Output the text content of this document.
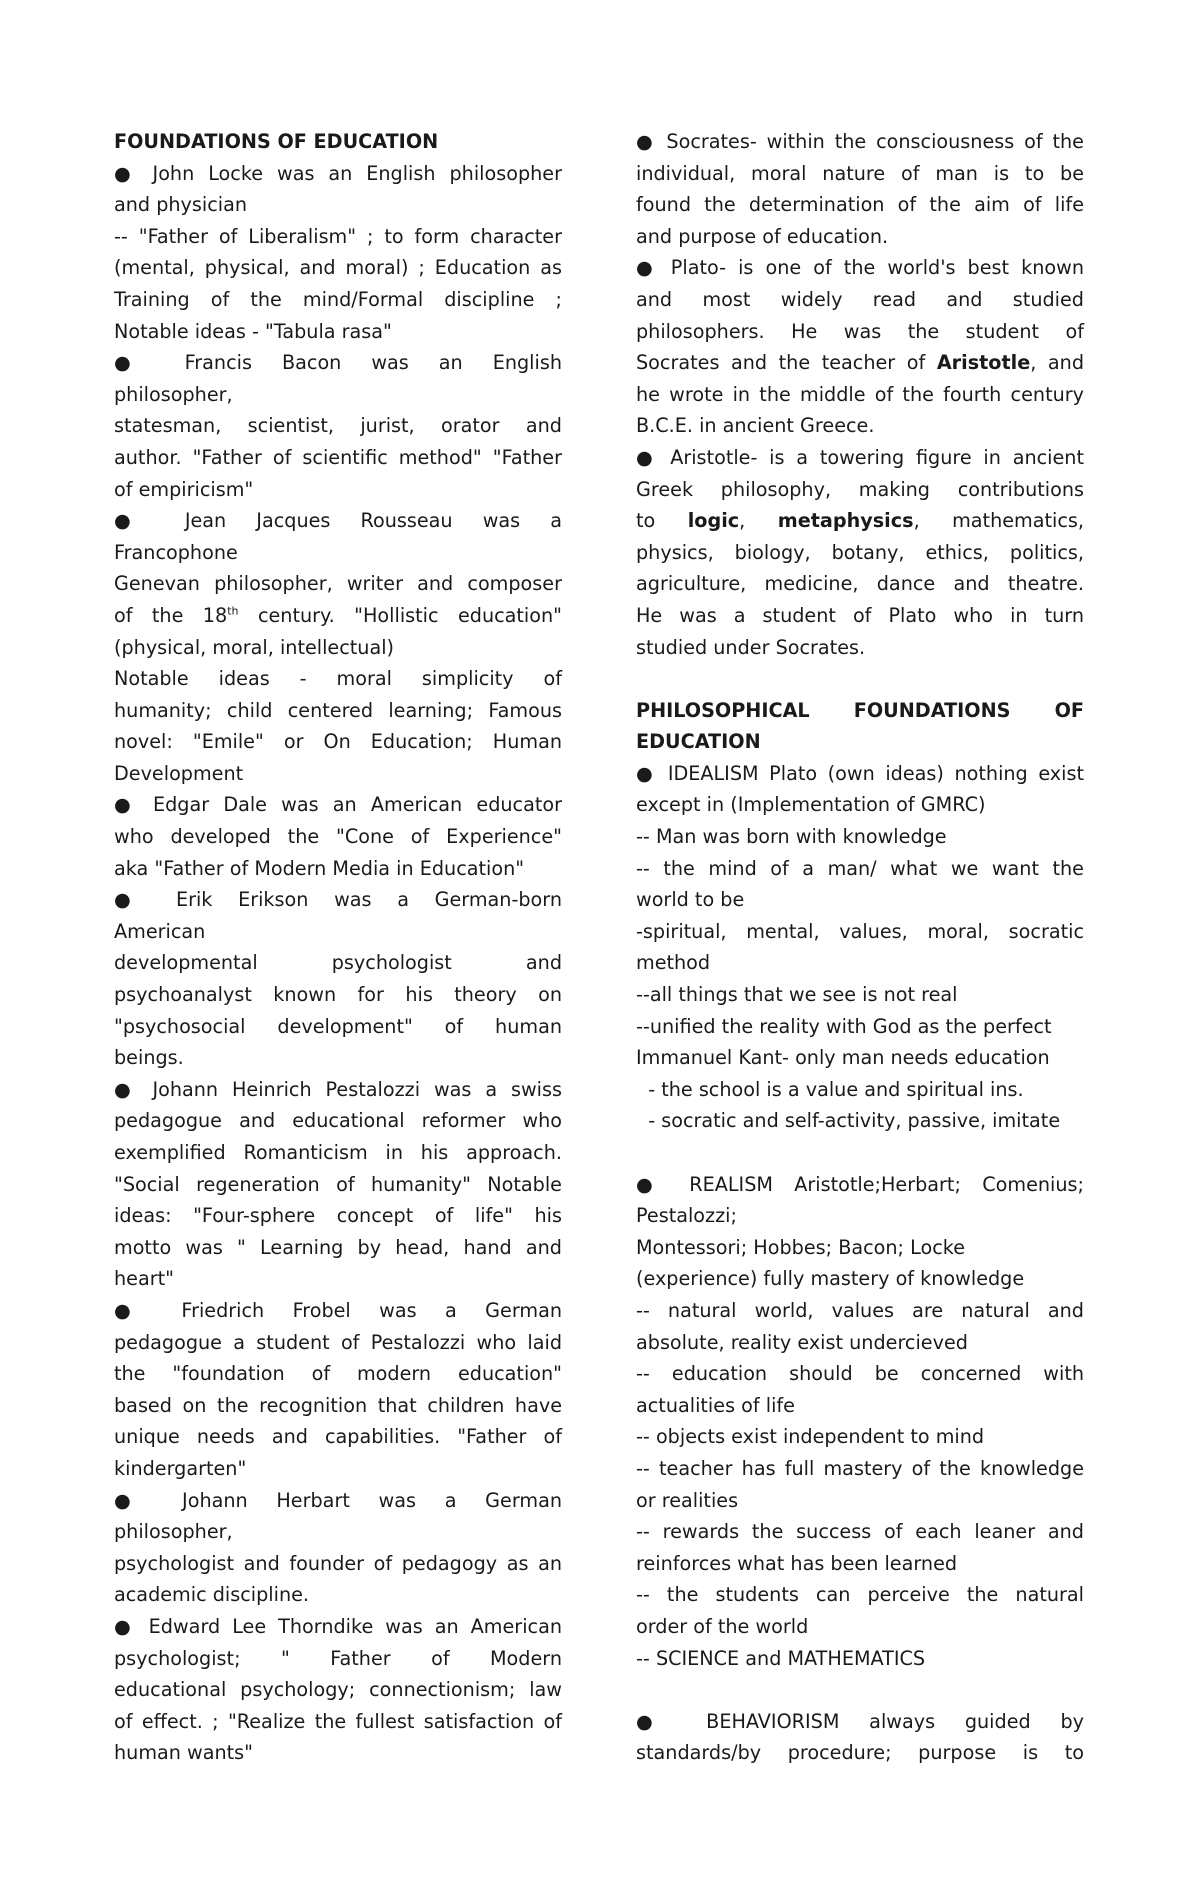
FOUNDATIONS OF EDUCATION
● John Locke was an English philosopher
and physician
-- "Father of Liberalism" ; to form character
(mental, physical, and moral) ; Education as
Training of the mind/Formal discipline ;
Notable ideas - "Tabula rasa"
● Francis Bacon was an English
philosopher,
statesman, scientist, jurist, orator and
author. "Father of scientific method" "Father
of empiricism"
● Jean Jacques Rousseau was a
Francophone
Genevan philosopher, writer and composer
of the 18th century. "Hollistic education"
(physical, moral, intellectual)
Notable ideas - moral simplicity of
humanity; child centered learning; Famous
novel: "Emile" or On Education; Human
Development
● Edgar Dale was an American educator
who developed the "Cone of Experience"
aka "Father of Modern Media in Education"
● Erik Erikson was a German-born
American
developmental psychologist and
psychoanalyst known for his theory on
"psychosocial development" of human
beings.
● Johann Heinrich Pestalozzi was a swiss
pedagogue and educational reformer who
exemplified Romanticism in his approach.
"Social regeneration of humanity" Notable
ideas: "Four-sphere concept of life" his
motto was " Learning by head, hand and
heart"
● Friedrich Frobel was a German
pedagogue a student of Pestalozzi who laid
the "foundation of modern education"
based on the recognition that children have
unique needs and capabilities. "Father of
kindergarten"
● Johann Herbart was a German
philosopher,
psychologist and founder of pedagogy as an
academic discipline.
● Edward Lee Thorndike was an American
psychologist; " Father of Modern
educational psychology; connectionism; law
of effect. ; "Realize the fullest satisfaction of
human wants"
● Socrates- within the consciousness of the
individual, moral nature of man is to be
found the determination of the aim of life
and purpose of education.
● Plato- is one of the world's best known
and most widely read and studied
philosophers. He was the student of
Socrates and the teacher of Aristotle, and
he wrote in the middle of the fourth century
B.C.E. in ancient Greece.
● Aristotle- is a towering figure in ancient
Greek philosophy, making contributions
to logic, metaphysics, mathematics,
physics, biology, botany, ethics, politics,
agriculture, medicine, dance and theatre.
He was a student of Plato who in turn
studied under Socrates.
PHILOSOPHICAL FOUNDATIONS OF
EDUCATION
● IDEALISM Plato (own ideas) nothing exist
except in (Implementation of GMRC)
-- Man was born with knowledge
-- the mind of a man/ what we want the
world to be
-spiritual, mental, values, moral, socratic
method
--all things that we see is not real
--unified the reality with God as the perfect
Immanuel Kant- only man needs education
- the school is a value and spiritual ins.
- socratic and self-activity, passive, imitate
● REALISM Aristotle;Herbart; Comenius;
Pestalozzi;
Montessori; Hobbes; Bacon; Locke
(experience) fully mastery of knowledge
-- natural world, values are natural and
absolute, reality exist undercieved
-- education should be concerned with
actualities of life
-- objects exist independent to mind
-- teacher has full mastery of the knowledge
or realities
-- rewards the success of each leaner and
reinforces what has been learned
-- the students can perceive the natural
order of the world
-- SCIENCE and MATHEMATICS
● BEHAVIORISM always guided by
standards/by procedure; purpose is to
